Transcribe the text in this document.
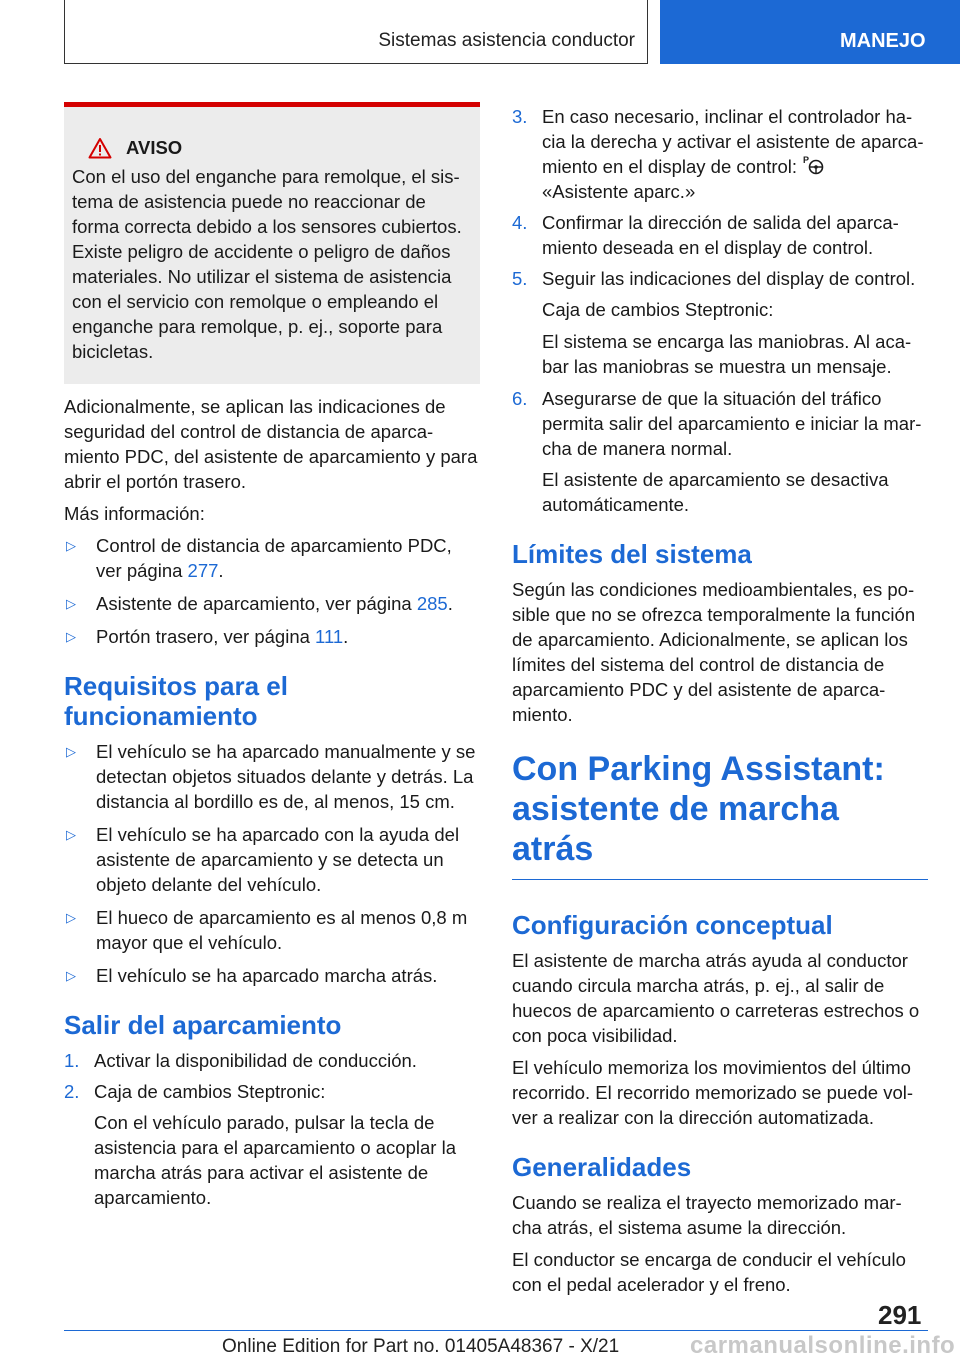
Sistemas asistencia conductor	MANEJO
AVISO
Con el uso del enganche para remolque, el sis-tema de asistencia puede no reaccionar de forma correcta debido a los sensores cubiertos. Existe peligro de accidente o peligro de daños materiales. No utilizar el sistema de asistencia con el servicio con remolque o empleando el enganche para remolque, p. ej., soporte para bicicletas.

Adicionalmente, se aplican las indicaciones de seguridad del control de distancia de aparca-miento PDC, del asistente de aparcamiento y para abrir el portón trasero.

Más información:

▷	Control de distancia de aparcamiento PDC, ver página 277.
▷	Asistente de aparcamiento, ver página 285.
▷	Portón trasero, ver página 111.
Requisitos para el funcionamiento
▷	El vehículo se ha aparcado manualmente y se detectan objetos situados delante y detrás. La distancia al bordillo es de, al menos, 15 cm.
▷	El vehículo se ha aparcado con la ayuda del asistente de aparcamiento y se detecta un objeto delante del vehículo.
▷	El hueco de aparcamiento es al menos 0,8 m mayor que el vehículo.
▷	El vehículo se ha aparcado marcha atrás.
Salir del aparcamiento
1. Activar la disponibilidad de conducción.
2. Caja de cambios Steptronic:

Con el vehículo parado, pulsar la tecla de asistencia para el aparcamiento o acoplar la marcha atrás para activar el asistente de aparcamiento.

3. En caso necesario, inclinar el controlador ha-cia la derecha y activar el asistente de aparca-miento en el display de control: P

«Asistente aparc.»
4. Confirmar la dirección de salida del aparca-miento deseada en el display de control.
5. Seguir las indicaciones del display de control.

Caja de cambios Steptronic:

El sistema se encarga las maniobras. Al aca-bar las maniobras se muestra un mensaje.

6. Asegurarse de que la situación del tráfico permita salir del aparcamiento e iniciar la mar-cha de manera normal.

El asistente de aparcamiento se desactiva automáticamente.

Límites del sistema

Según las condiciones medioambientales, es po-sible que no se ofrezca temporalmente la función de aparcamiento. Adicionalmente, se aplican los límites del sistema del control de distancia de aparcamiento PDC y del asistente de aparca-miento.

Con Parking Assistant: asistente de marcha atrás
Configuración conceptual

El asistente de marcha atrás ayuda al conductor cuando circula marcha atrás, p. ej., al salir de huecos de aparcamiento o carreteras estrechos o con poca visibilidad.

El vehículo memoriza los movimientos del último recorrido. El recorrido memorizado se puede vol-ver a realizar con la dirección automatizada.

Generalidades

Cuando se realiza el trayecto memorizado mar-cha atrás, el sistema asume la dirección.

El conductor se encarga de conducir el vehículo con el pedal acelerador y el freno.

291
Online Edition for Part no. 01405A48367 - X/21	carmanualsonline.info
